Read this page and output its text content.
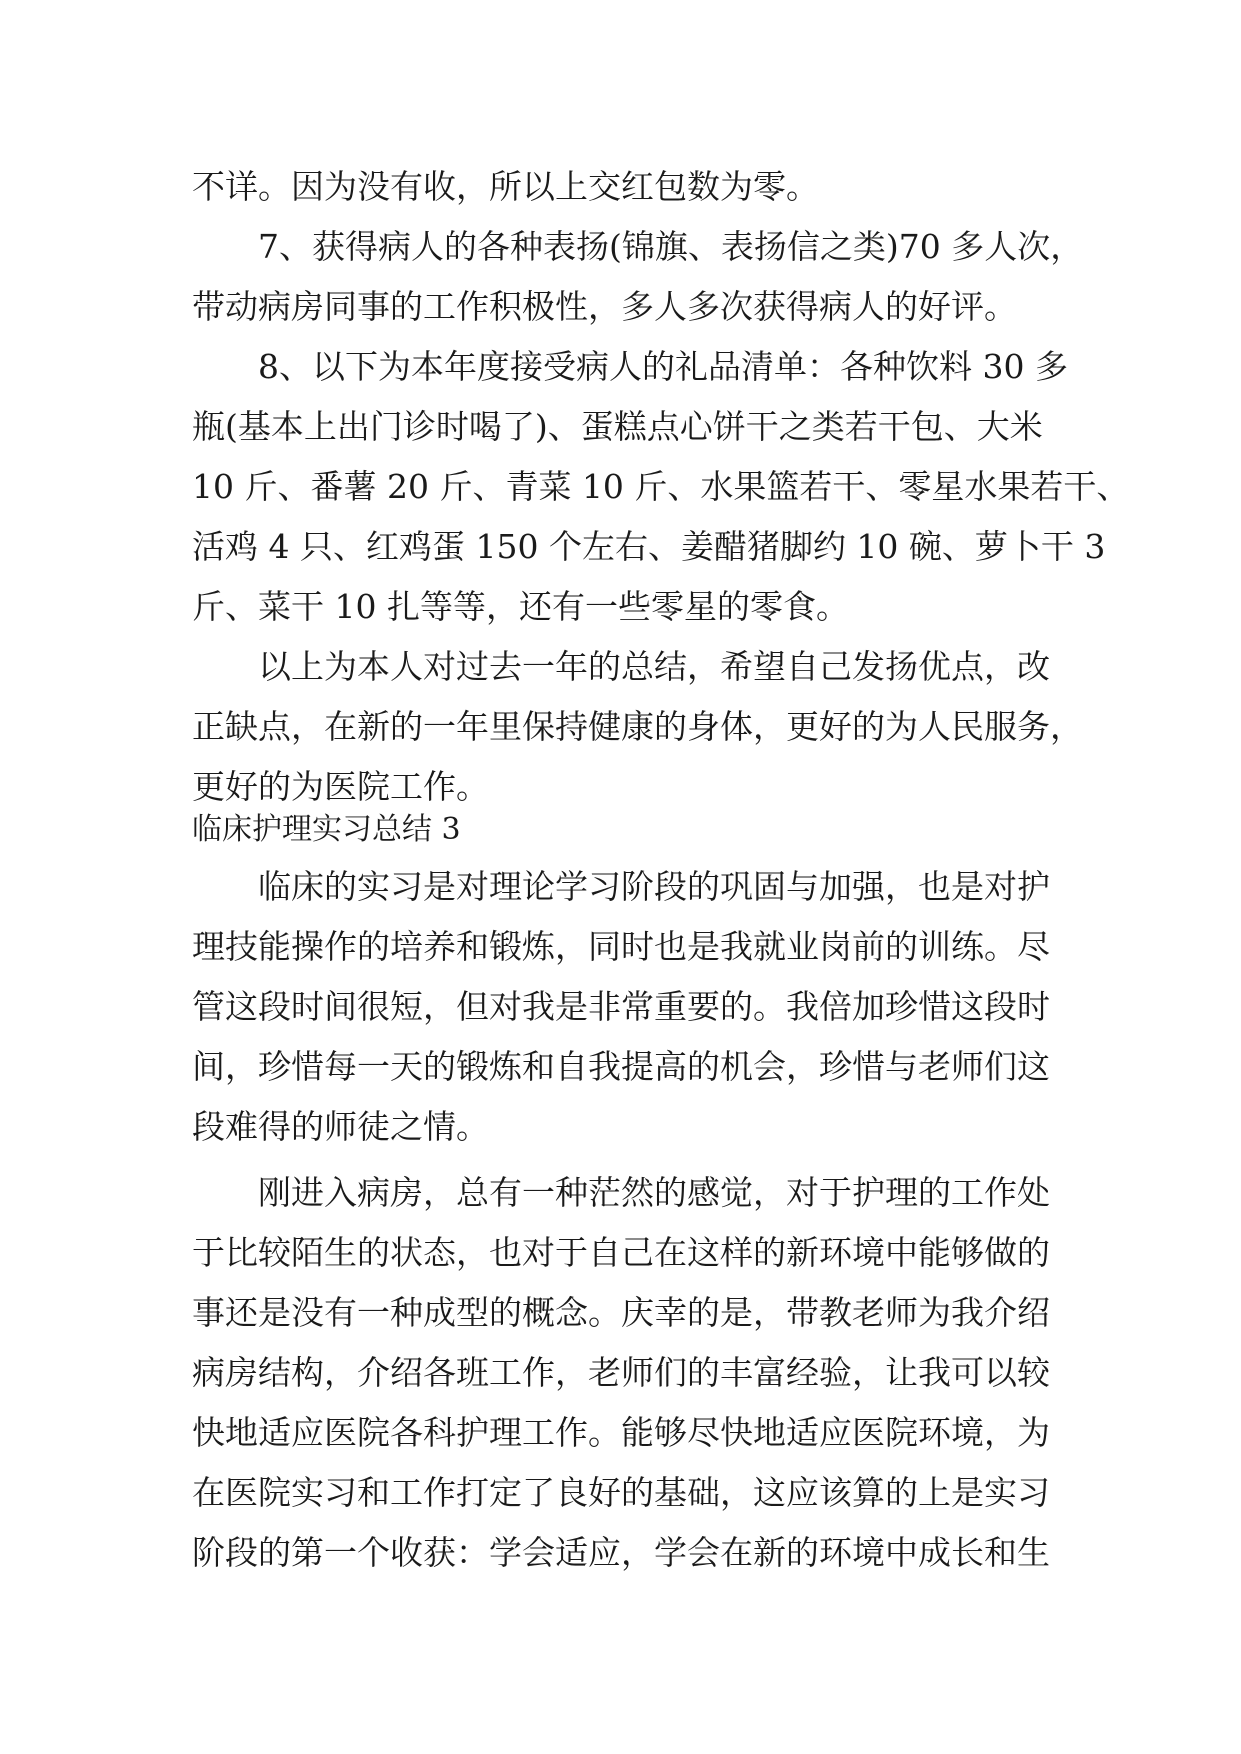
不详。因为没有收，所以上交红包数为零。
7、获得病人的各种表扬(锦旗、表扬信之类)70 多人次，
带动病房同事的工作积极性，多人多次获得病人的好评。
8、以下为本年度接受病人的礼品清单：各种饮料 30 多
瓶(基本上出门诊时喝了)、蛋糕点心饼干之类若干包、大米
10 斤、番薯 20 斤、青菜 10 斤、水果篮若干、零星水果若干、
活鸡 4 只、红鸡蛋 150 个左右、姜醋猪脚约 10 碗、萝卜干 3
斤、菜干 10 扎等等，还有一些零星的零食。
以上为本人对过去一年的总结，希望自己发扬优点，改
正缺点，在新的一年里保持健康的身体，更好的为人民服务，
更好的为医院工作。
临床护理实习总结 3
临床的实习是对理论学习阶段的巩固与加强，也是对护
理技能操作的培养和锻炼，同时也是我就业岗前的训练。尽
管这段时间很短，但对我是非常重要的。我倍加珍惜这段时
间，珍惜每一天的锻炼和自我提高的机会，珍惜与老师们这
段难得的师徒之情。
刚进入病房，总有一种茫然的感觉，对于护理的工作处
于比较陌生的状态，也对于自己在这样的新环境中能够做的
事还是没有一种成型的概念。庆幸的是，带教老师为我介绍
病房结构，介绍各班工作，老师们的丰富经验，让我可以较
快地适应医院各科护理工作。能够尽快地适应医院环境，为
在医院实习和工作打定了良好的基础，这应该算的上是实习
阶段的第一个收获：学会适应，学会在新的环境中成长和生
